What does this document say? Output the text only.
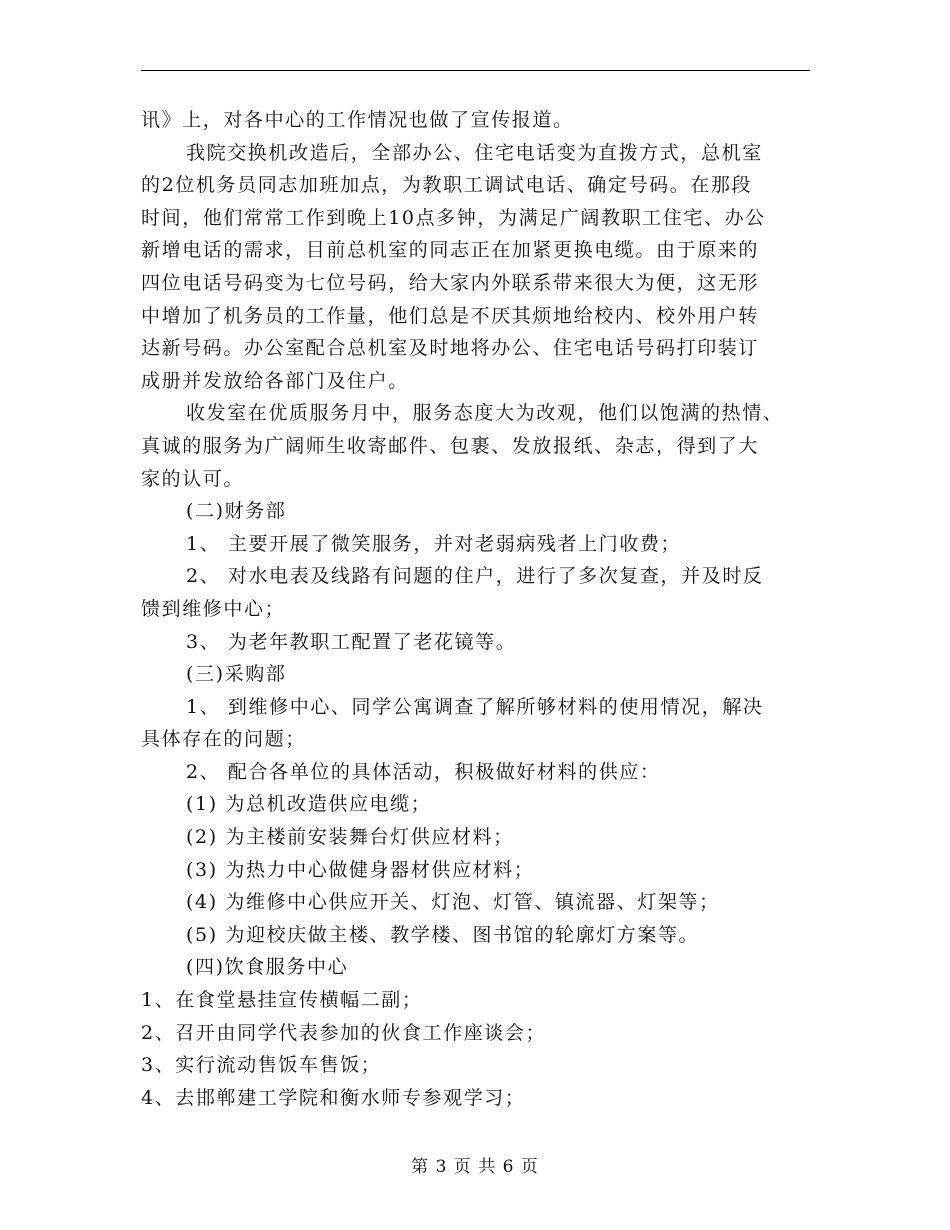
讯》上，对各中心的工作情况也做了宣传报道。
我院交换机改造后，全部办公、住宅电话变为直拨方式，总机室
的2位机务员同志加班加点，为教职工调试电话、确定号码。在那段
时间，他们常常工作到晚上10点多钟，为满足广阔教职工住宅、办公
新增电话的需求，目前总机室的同志正在加紧更换电缆。由于原来的
四位电话号码变为七位号码，给大家内外联系带来很大为便，这无形
中增加了机务员的工作量，他们总是不厌其烦地给校内、校外用户转
达新号码。办公室配合总机室及时地将办公、住宅电话号码打印装订
成册并发放给各部门及住户。
收发室在优质服务月中，服务态度大为改观，他们以饱满的热情、
真诚的服务为广阔师生收寄邮件、包裹、发放报纸、杂志，得到了大
家的认可。
(二)财务部
1、 主要开展了微笑服务，并对老弱病残者上门收费；
2、 对水电表及线路有问题的住户，进行了多次复查，并及时反
馈到维修中心；
3、 为老年教职工配置了老花镜等。
(三)采购部
1、 到维修中心、同学公寓调查了解所够材料的使用情况，解决
具体存在的问题；
2、 配合各单位的具体活动，积极做好材料的供应：
(1) 为总机改造供应电缆；
(2) 为主楼前安装舞台灯供应材料；
(3) 为热力中心做健身器材供应材料；
(4) 为维修中心供应开关、灯泡、灯管、镇流器、灯架等；
(5) 为迎校庆做主楼、教学楼、图书馆的轮廓灯方案等。
(四)饮食服务中心
1、在食堂悬挂宣传横幅二副；
2、召开由同学代表参加的伙食工作座谈会；
3、实行流动售饭车售饭；
4、去邯郸建工学院和衡水师专参观学习；
第 3 页 共 6 页
